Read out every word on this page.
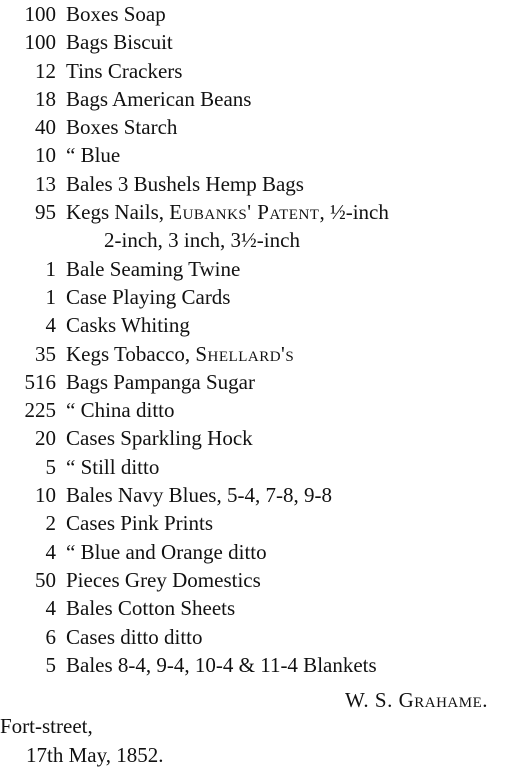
100 Boxes Soap
100 Bags Biscuit
12 Tins Crackers
18 Bags American Beans
40 Boxes Starch
10 “ Blue
13 Bales 3 Bushels Hemp Bags
95 Kegs Nails, Eubanks' Patent, ½-inch
2-inch, 3 inch, 3½-inch
1 Bale Seaming Twine
1 Case Playing Cards
4 Casks Whiting
35 Kegs Tobacco, Shellard's
516 Bags Pampanga Sugar
225 “ China ditto
20 Cases Sparkling Hock
5 “ Still ditto
10 Bales Navy Blues, 5-4, 7-8, 9-8
2 Cases Pink Prints
4 “ Blue and Orange ditto
50 Pieces Grey Domestics
4 Bales Cotton Sheets
6 Cases ditto ditto
5 Bales 8-4, 9-4, 10-4 & 11-4 Blankets
W. S. Grahame.
Fort-street,
17th May, 1852.
